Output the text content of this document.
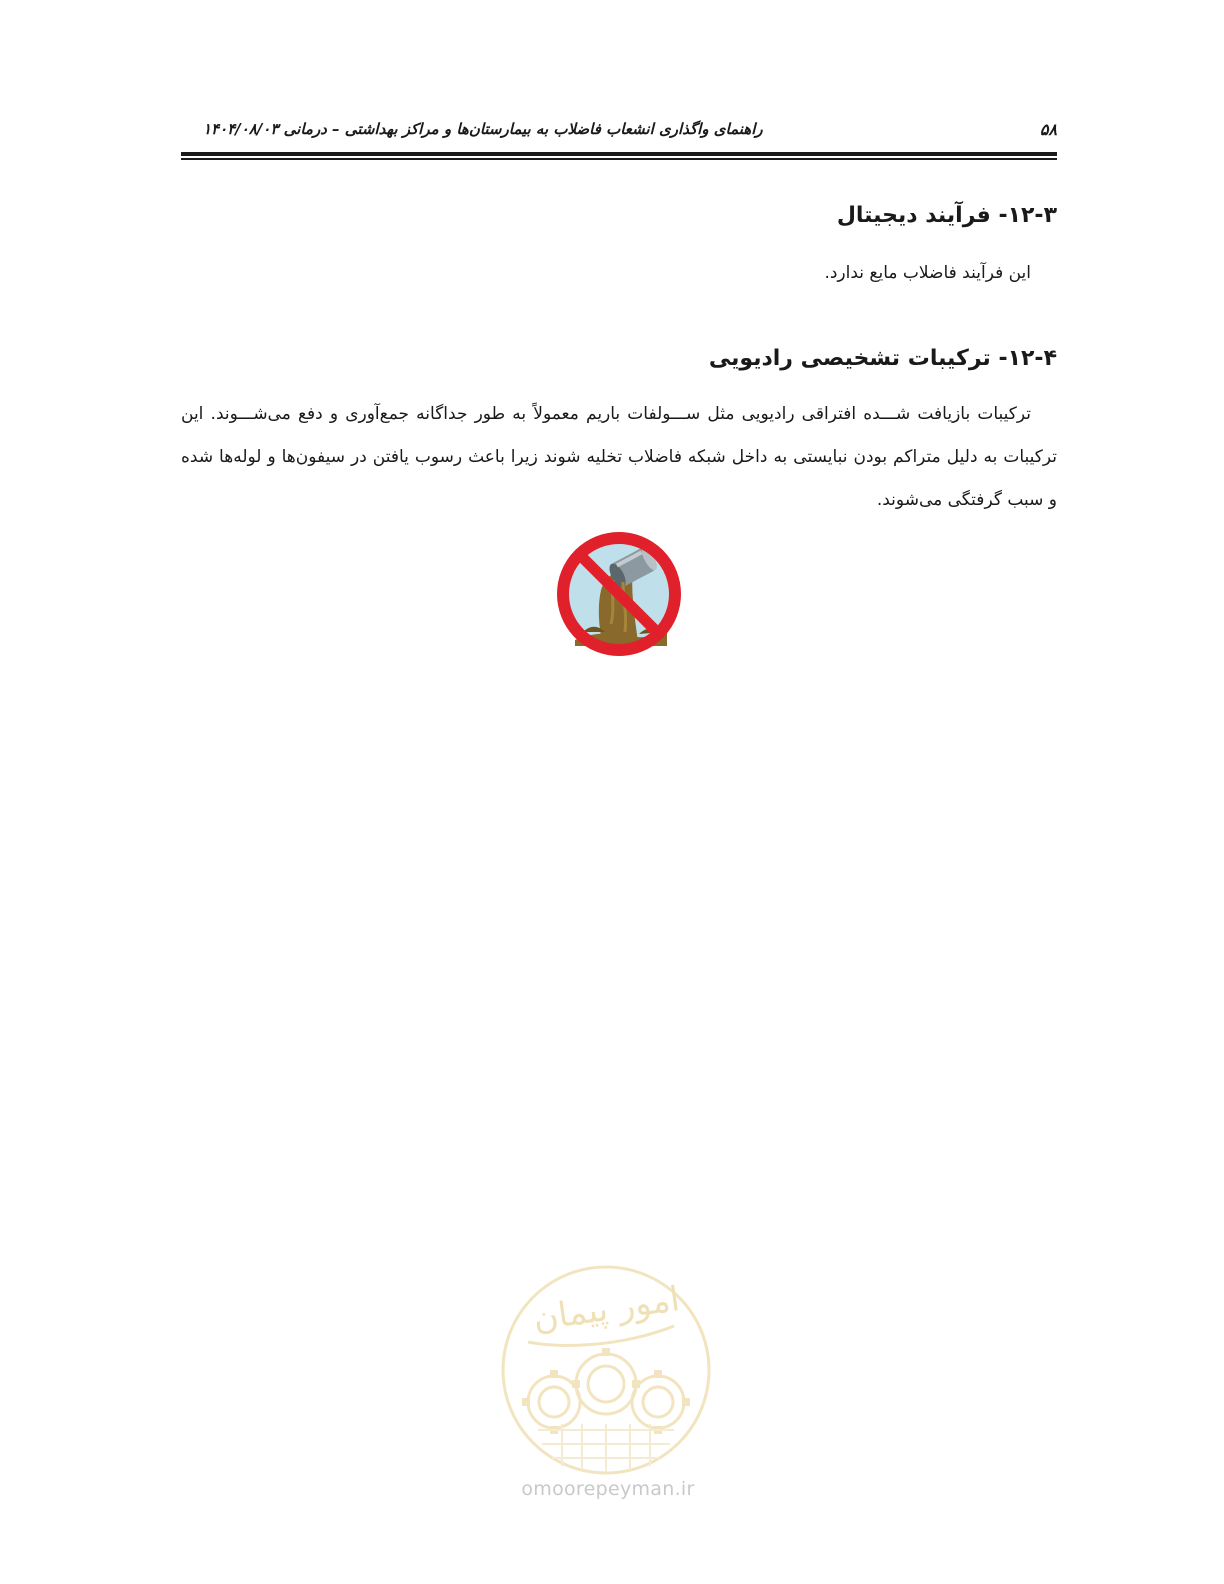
راهنمای واگذاری انشعاب فاضلاب به بیمارستان‌ها و مراکز بهداشتی – درمانی ۱۴۰۴/۰۸/۰۳	۵۸
۱۲-۳- فرآیند دیجیتال

این فرآیند فاضلاب مایع ندارد.

۱۲-۴- ترکیبات تشخیصی رادیویی

ترکیبات بازیافت شـــده افتراقی رادیویی مثل ســـولفات باریم معمولاً به طور جداگانه جمع‌آوری و دفع می‌شـــوند. این ترکیبات به دلیل متراکم بودن نبایستی به داخل شبکه فاضلاب تخلیه شوند زیرا باعث رسوب یافتن در سیفون‌ها و لوله‌ها شده و سبب گرفتگی می‌شوند.

امور پیمان
omoorepeyman.ir
